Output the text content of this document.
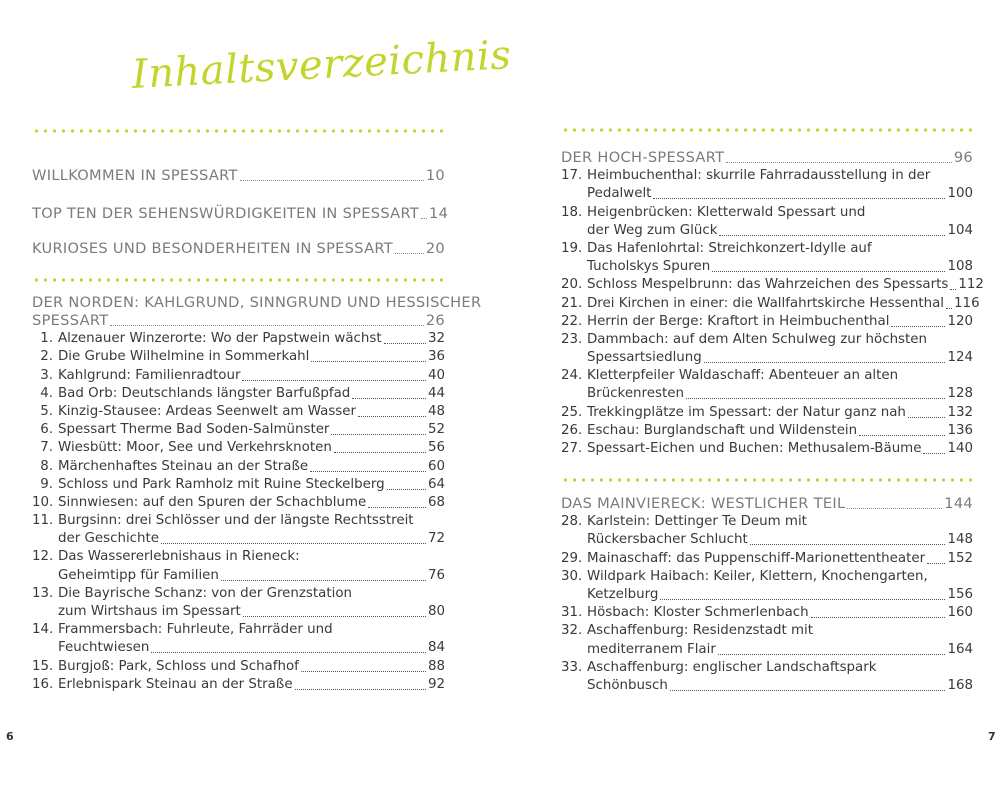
Inhaltsverzeichnis
WILLKOMMEN IN SPESSART	10
TOP TEN DER SEHENSWÜRDIGKEITEN IN SPESSART 14
KURIOSES UND BESONDERHEITEN IN SPESSART 20
DER NORDEN: KAHLGRUND, SINNGRUND UND HESSISCHER
SPESSART	26
1. Alzenauer Winzerorte: Wo der Papstwein wächst	32
2. Die Grube Wilhelmine in Sommerkahl	36
3. Kahlgrund: Familienradtour	40
4. Bad Orb: Deutschlands längster Barfußpfad	44
5. Kinzig-Stausee: Ardeas Seenwelt am Wasser	48
6. Spessart Therme Bad Soden-Salmünster	52
7. Wiesbütt: Moor, See und Verkehrsknoten	56
8. Märchenhaftes Steinau an der Straße	60
9. Schloss und Park Ramholz mit Ruine Steckelberg	64
10. Sinnwiesen: auf den Spuren der Schachblume	68
11. Burgsinn: drei Schlösser und der längste Rechtsstreit
der Geschichte	72
12. Das Wassererlebnishaus in Rieneck:
Geheimtipp für Familien	76
13. Die Bayrische Schanz: von der Grenzstation
zum Wirtshaus im Spessart	80
14. Frammersbach: Fuhrleute, Fahrräder und
Feuchtwiesen	84
15. Burgjoß: Park, Schloss und Schafhof	88
16. Erlebnispark Steinau an der Straße	92
6
DER HOCH-SPESSART	96
17. Heimbuchenthal: skurrile Fahrradausstellung in der
Pedalwelt	100
18. Heigenbrücken: Kletterwald Spessart und
der Weg zum Glück	104
19. Das Hafenlohrtal: Streichkonzert-Idylle auf
Tucholskys Spuren	108
20. Schloss Mespelbrunn: das Wahrzeichen des Spessarts 112
21. Drei Kirchen in einer: die Wallfahrtskirche Hessenthal 116
22. Herrin der Berge: Kraftort in Heimbuchenthal	120
23. Dammbach: auf dem Alten Schulweg zur höchsten
Spessartsiedlung	124
24. Kletterpfeiler Waldaschaff: Abenteuer an alten
Brückenresten	128
25. Trekkingplätze im Spessart: der Natur ganz nah	132
26. Eschau: Burglandschaft und Wildenstein	136
27. Spessart-Eichen und Buchen: Methusalem-Bäume 140
DAS MAINVIERECK: WESTLICHER TEIL	144
28. Karlstein: Dettinger Te Deum mit
Rückersbacher Schlucht	148
29. Mainaschaff: das Puppenschiff-Marionettentheater 152
30. Wildpark Haibach: Keiler, Klettern, Knochengarten,
Ketzelburg	156
31. Hösbach: Kloster Schmerlenbach	160
32. Aschaffenburg: Residenzstadt mit
mediterranem Flair	164
33. Aschaffenburg: englischer Landschaftspark
Schönbusch	168
7
